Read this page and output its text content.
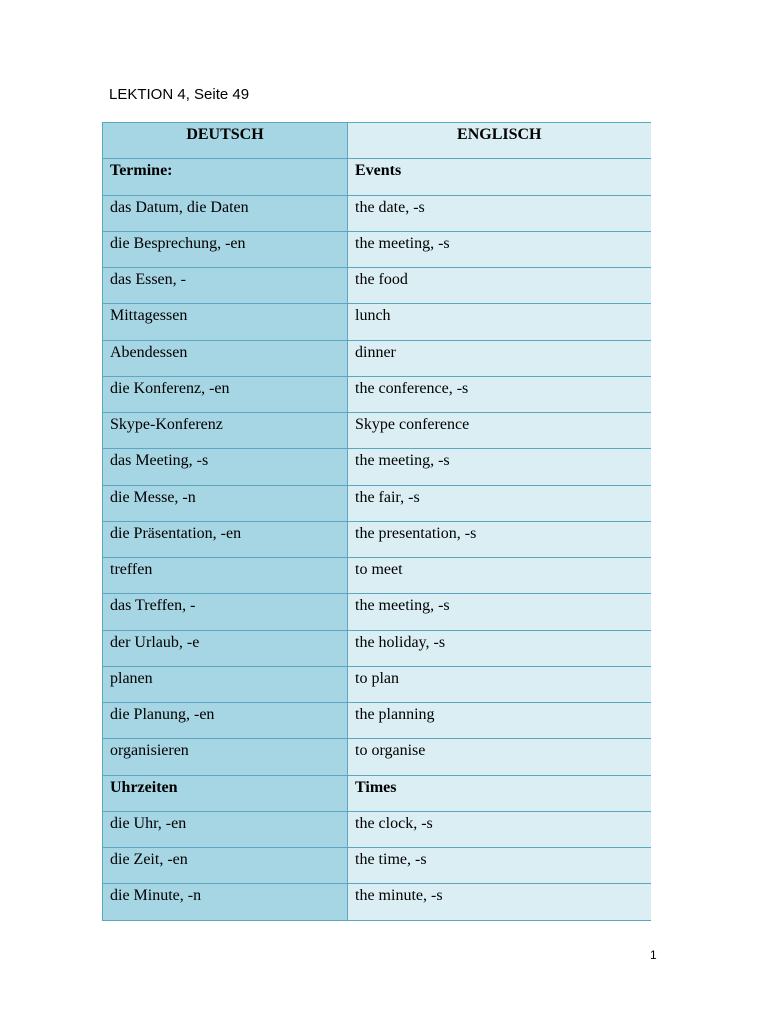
LEKTION 4, Seite 49
DEUTSCH	ENGLISCH
Termine:	Events
das Datum, die Daten	the date, -s
die Besprechung, -en	the meeting, -s
das Essen, -	the food
Mittagessen	lunch
Abendessen	dinner
die Konferenz, -en	the conference, -s
Skype-Konferenz	Skype conference
das Meeting, -s	the meeting, -s
die Messe, -n	the fair, -s
die Präsentation, -en	the presentation, -s
treffen	to meet
das Treffen, -	the meeting, -s
der Urlaub, -e	the holiday, -s
planen	to plan
die Planung, -en	the planning
organisieren	to organise
Uhrzeiten	Times
die Uhr, -en	the clock, -s
die Zeit, -en	the time, -s
die Minute, -n	the minute, -s
1
